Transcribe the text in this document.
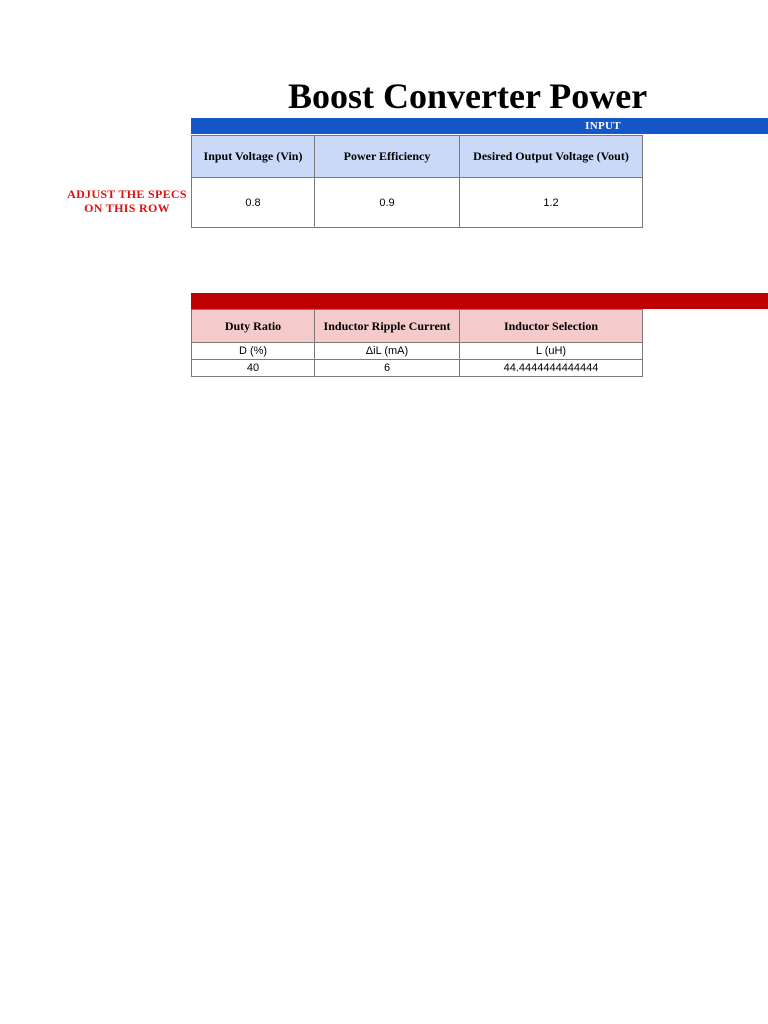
Boost Converter Power
ADJUST THE SPECS
ON THIS ROW
INPUT
Input Voltage (Vin)	Power Efficiency	Desired Output Voltage (Vout)
0.8	0.9	1.2
Duty Ratio	Inductor Ripple Current	Inductor Selection
D (%)	ΔiL (mA)	L (uH)
40	6	44.4444444444444
